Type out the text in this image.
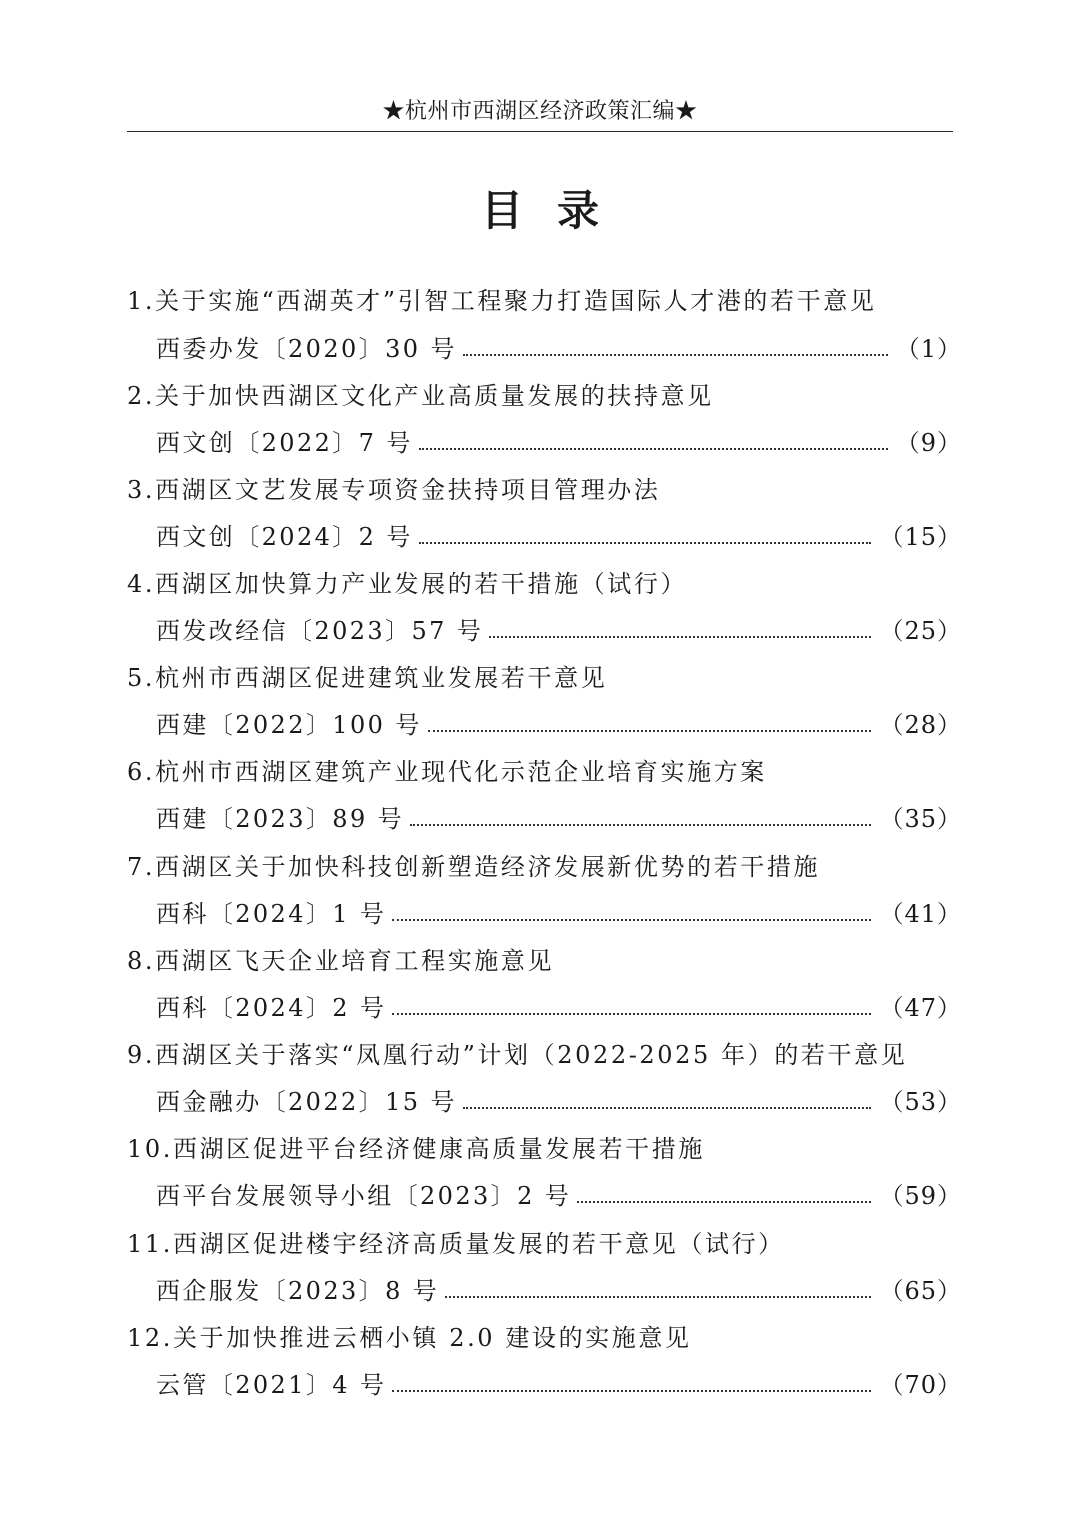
★杭州市西湖区经济政策汇编★
目录
1.关于实施“西湖英才”引智工程聚力打造国际人才港的若干意见
西委办发〔2020〕30 号	（1）
2.关于加快西湖区文化产业高质量发展的扶持意见
西文创〔2022〕7 号	（9）
3.西湖区文艺发展专项资金扶持项目管理办法
西文创〔2024〕2 号	（15）
4.西湖区加快算力产业发展的若干措施（试行）
西发改经信〔2023〕57 号	（25）
5.杭州市西湖区促进建筑业发展若干意见
西建〔2022〕100 号	（28）
6.杭州市西湖区建筑产业现代化示范企业培育实施方案
西建〔2023〕89 号	（35）
7.西湖区关于加快科技创新塑造经济发展新优势的若干措施
西科〔2024〕1 号	（41）
8.西湖区飞天企业培育工程实施意见
西科〔2024〕2 号	（47）
9.西湖区关于落实“凤凰行动”计划（2022-2025 年）的若干意见
西金融办〔2022〕15 号	（53）
10.西湖区促进平台经济健康高质量发展若干措施
西平台发展领导小组〔2023〕2 号	（59）
11.西湖区促进楼宇经济高质量发展的若干意见（试行）
西企服发〔2023〕8 号	（65）
12.关于加快推进云栖小镇 2.0 建设的实施意见
云管〔2021〕4 号	（70）
